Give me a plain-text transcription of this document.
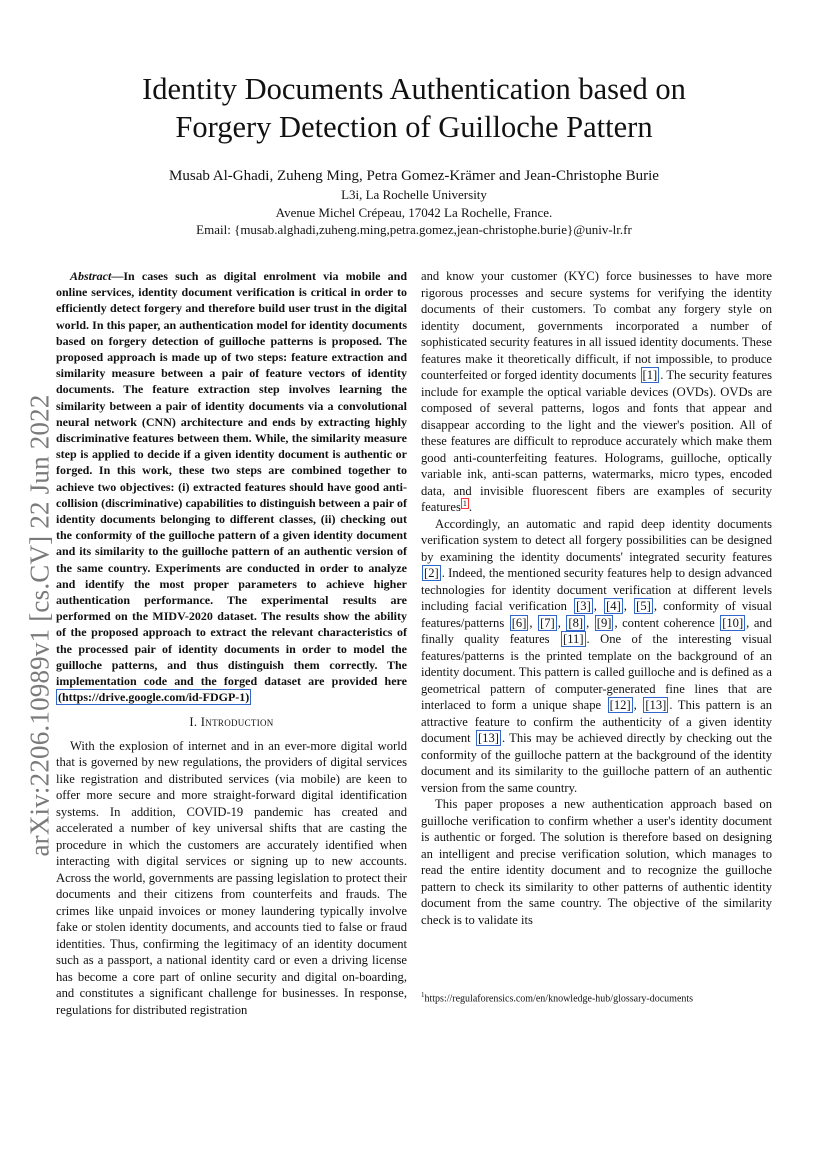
arXiv:2206.10989v1 [cs.CV] 22 Jun 2022
Identity Documents Authentication based on
Forgery Detection of Guilloche Pattern
Musab Al-Ghadi, Zuheng Ming, Petra Gomez-Krämer and Jean-Christophe Burie
L3i, La Rochelle University
Avenue Michel Crépeau, 17042 La Rochelle, France.
Email: {musab.alghadi,zuheng.ming,petra.gomez,jean-christophe.burie}@univ-lr.fr

Abstract—In cases such as digital enrolment via mobile and online services, identity document verification is critical in order to efficiently detect forgery and therefore build user trust in the digital world. In this paper, an authentication model for identity documents based on forgery detection of guilloche patterns is proposed. The proposed approach is made up of two steps: feature extraction and similarity measure between a pair of feature vectors of identity documents. The feature extraction step involves learning the similarity between a pair of identity documents via a convolutional neural network (CNN) architecture and ends by extracting highly discriminative features between them. While, the similarity measure step is applied to decide if a given identity document is authentic or forged. In this work, these two steps are combined together to achieve two objectives: (i) extracted features should have good anti-collision (discriminative) capabilities to distinguish between a pair of identity documents belonging to different classes, (ii) checking out the conformity of the guilloche pattern of a given identity document and its similarity to the guilloche pattern of an authentic version of the same country. Experiments are conducted in order to analyze and identify the most proper parameters to achieve higher authentication performance. The experimental results are performed on the MIDV-2020 dataset. The results show the ability of the proposed approach to extract the relevant characteristics of the processed pair of identity documents in order to model the guilloche patterns, and thus distinguish them correctly. The implementation code and the forged dataset are provided here (https://drive.google.com/id-FDGP-1)

I. Introduction

With the explosion of internet and in an ever-more digital world that is governed by new regulations, the providers of digital services like registration and distributed services (via mobile) are keen to offer more secure and more straight-forward digital identification systems. In addition, COVID-19 pandemic has created and accelerated a number of key universal shifts that are casting the procedure in which the customers are accurately identified when interacting with digital services or signing up to new accounts. Across the world, governments are passing legislation to protect their documents and their citizens from counterfeits and frauds. The crimes like unpaid invoices or money laundering typically involve fake or stolen identity documents, and accounts tied to false or fraud identities. Thus, confirming the legitimacy of an identity document such as a passport, a national identity card or even a driving license has become a core part of online security and digital on-boarding, and constitutes a significant challenge for businesses. In response, regulations for distributed registration

and know your customer (KYC) force businesses to have more rigorous processes and secure systems for verifying the identity documents of their customers. To combat any forgery style on identity document, governments incorporated a number of sophisticated security features in all issued identity documents. These features make it theoretically difficult, if not impossible, to produce counterfeited or forged identity documents [1] . The security features include for example the optical variable devices (OVDs). OVDs are composed of several patterns, logos and fonts that appear and disappear according to the light and the viewer's position. All of these features are difficult to reproduce accurately which make them good anti-counterfeiting features. Holograms, guilloche, optically variable ink, anti-scan patterns, watermarks, micro types, encoded data, and invisible fluorescent fibers are examples of security features $^1$ .

Accordingly, an automatic and rapid deep identity documents verification system to detect all forgery possibilities can be designed by examining the identity documents' integrated security features [2] . Indeed, the mentioned security features help to design advanced technologies for identity document verification at different levels including facial verification [3] , [4] , [5] , conformity of visual features/patterns [6] , [7] , [8] , [9] , content coherence [10] , and finally quality features [11] . One of the interesting visual features/patterns is the printed template on the background of an identity document. This pattern is called guilloche and is defined as a geometrical pattern of computer-generated fine lines that are interlaced to form a unique shape [12] , [13] . This pattern is an attractive feature to confirm the authenticity of a given identity document [13] . This may be achieved directly by checking out the conformity of the guilloche pattern at the background of the identity document and its similarity to the guilloche pattern of an authentic version from the same country.

This paper proposes a new authentication approach based on guilloche verification to confirm whether a user's identity document is authentic or forged. The solution is therefore based on designing an intelligent and precise verification solution, which manages to read the entire identity document and to recognize the guilloche pattern to check its similarity to other patterns of authentic identity document from the same country. The objective of the similarity check is to validate its

$^1$https://regulaforensics.com/en/knowledge-hub/glossary-documents
